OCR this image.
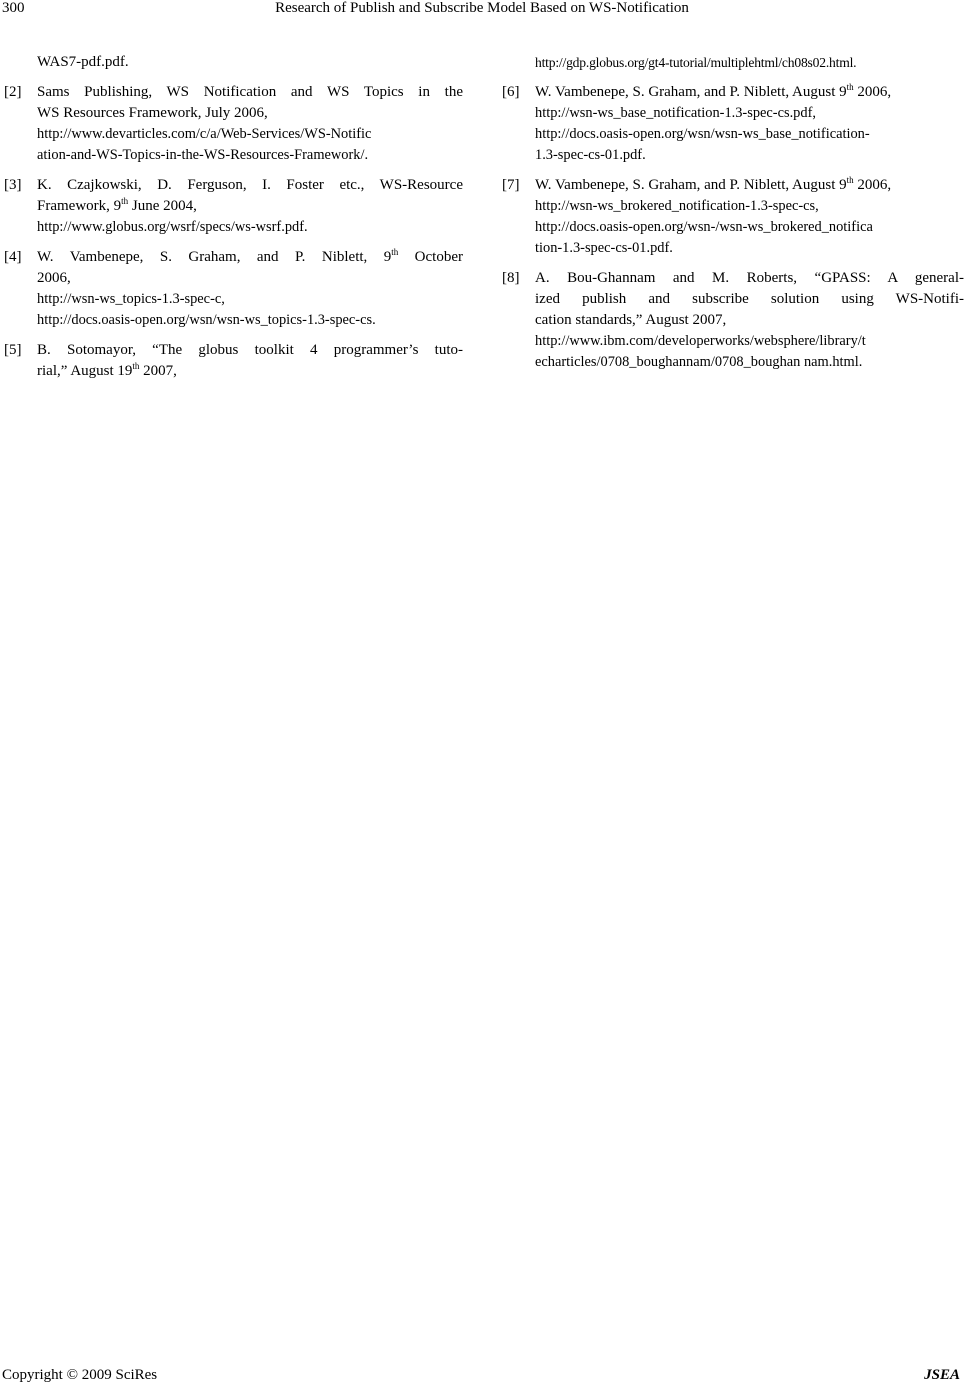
300	Research of Publish and Subscribe Model Based on WS-Notification
WAS7-pdf.pdf.
[2] Sams Publishing, WS Notification and WS Topics in the
WS Resources Framework, July 2006,
http://www.devarticles.com/c/a/Web-Services/WS-Notific
ation-and-WS-Topics-in-the-WS-Resources-Framework/.
[3] K. Czajkowski, D. Ferguson, I. Foster etc., WS-Resource
Framework, 9th June 2004,
http://www.globus.org/wsrf/specs/ws-wsrf.pdf.
[4] W. Vambenepe, S. Graham, and P. Niblett, 9th October
2006,
http://wsn-ws_topics-1.3-spec-c,
http://docs.oasis-open.org/wsn/wsn-ws_topics-1.3-spec-cs.
[5] B. Sotomayor, “The globus toolkit 4 programmer’s tuto-
rial,” August 19th 2007,
http://gdp.globus.org/gt4-tutorial/multiplehtml/ch08s02.html.
[6] W. Vambenepe, S. Graham, and P. Niblett, August 9th 2006,
http://wsn-ws_base_notification-1.3-spec-cs.pdf,
http://docs.oasis-open.org/wsn/wsn-ws_base_notification-
1.3-spec-cs-01.pdf.
[7] W. Vambenepe, S. Graham, and P. Niblett, August 9th 2006,
http://wsn-ws_brokered_notification-1.3-spec-cs,
http://docs.oasis-open.org/wsn-/wsn-ws_brokered_notifica
tion-1.3-spec-cs-01.pdf.
[8] A. Bou-Ghannam and M. Roberts, “GPASS: A general-
ized publish and subscribe solution using WS-Notifi-
cation standards,” August 2007,
http://www.ibm.com/developerworks/websphere/library/t
echarticles/0708_boughannam/0708_boughan nam.html.
Copyright © 2009 SciRes	JSEA
